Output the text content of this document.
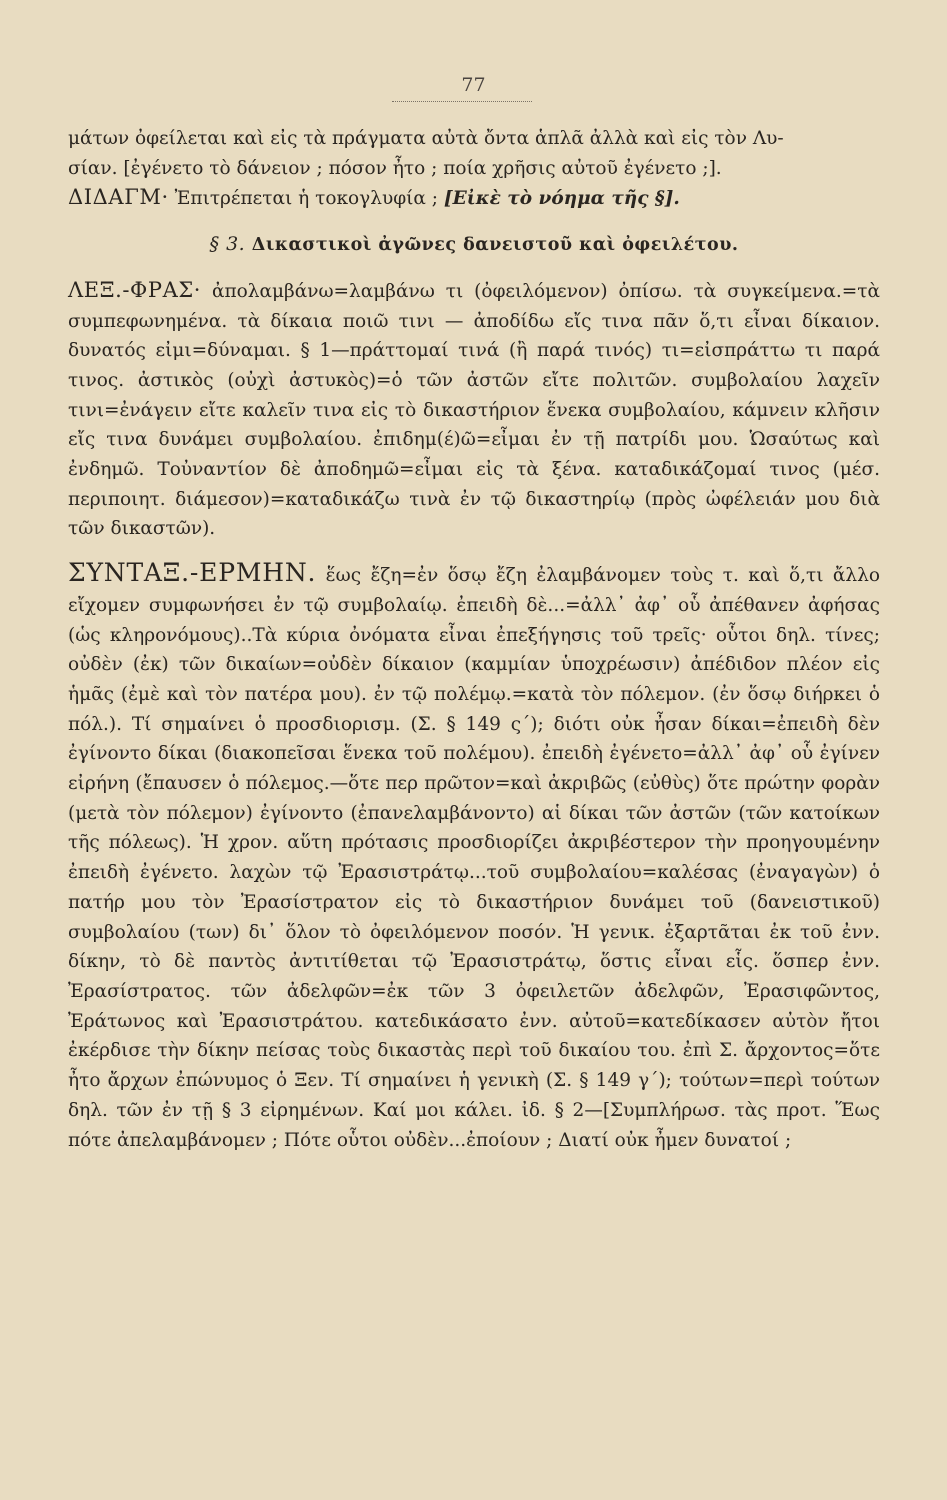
77

μάτων ὀφείλεται καὶ εἰς τὰ πράγματα αὐτὰ ὄντα ἁπλᾶ ἀλλὰ καὶ εἰς τὸν Λυ-
σίαν. [ἐγένετο τὸ δάνειον ; πόσον ἦτο ; ποία χρῆσις αὐτοῦ ἐγένετο ;].
ΔΙΔΑΓΜ· Ἐπιτρέπεται ἡ τοκογλυφία ; [Εἰκὲ τὸ νόημα τῆς §].

§ 3. Δικαστικοὶ ἀγῶνες δανειστοῦ καὶ ὀφειλέτου.

ΛΕΞ.-ΦΡΑΣ· ἀπολαμβάνω=λαμβάνω τι (ὀφειλόμενον) ὀπίσω. τὰ συγκείμενα.=τὰ συμπεφωνημένα. τὰ δίκαια ποιῶ τινι — ἀποδίδω εἴς τινα πᾶν ὅ,τι εἶναι δίκαιον. δυνατός εἰμι=δύναμαι. § 1—πράττομαί τινά (ἢ παρά τινός) τι=εἰσπράττω τι παρά τινος. ἀστικὸς (οὐχὶ ἀστυκὸς)=ὁ τῶν ἀστῶν εἴτε πολιτῶν. συμβολαίου λαχεῖν τινι=ἐνάγειν εἴτε καλεῖν τινα εἰς τὸ δικαστήριον ἕνεκα συμβολαίου, κάμνειν κλῆσιν εἴς τινα δυνάμει συμβολαίου. ἐπιδημ(έ)ῶ=εἶμαι ἐν τῇ πατρίδι μου. Ὡσαύτως καὶ ἐνδημῶ. Τοὐναντίον δὲ ἀποδημῶ=εἶμαι εἰς τὰ ξένα. καταδικάζομαί τινος (μέσ. περιποιητ. διάμεσον)=καταδικάζω τινὰ ἐν τῷ δικαστηρίῳ (πρὸς ὠφέλειάν μου διὰ τῶν δικαστῶν).

ΣΥΝΤΑΞ.-ΕΡΜΗΝ. ἕως ἔζη=ἐν ὅσῳ ἔζη ἐλαμβάνομεν τοὺς τ. καὶ ὅ,τι ἄλλο εἴχομεν συμφωνήσει ἐν τῷ συμβολαίῳ. ἐπειδὴ δὲ...=ἀλλ᾽ ἀφ᾽ οὗ ἀπέθανεν ἀφήσας (ὡς κληρονόμους)..Τὰ κύρια ὀνόματα εἶναι ἐπεξήγησις τοῦ τρεῖς· οὗτοι δηλ. τίνες; οὐδὲν (ἐκ) τῶν δικαίων=οὐδὲν δίκαιον (καμμίαν ὑποχρέωσιν) ἀπέδιδον πλέον εἰς ἡμᾶς (ἐμὲ καὶ τὸν πατέρα μου). ἐν τῷ πολέμῳ.=κατὰ τὸν πόλεμον. (ἐν ὅσῳ διήρκει ὁ πόλ.). Τί σημαίνει ὁ προσδιορισμ. (Σ. § 149 ς΄); διότι οὐκ ἦσαν δίκαι=ἐπειδὴ δὲν ἐγίνοντο δίκαι (διακοπεῖσαι ἕνεκα τοῦ πολέμου). ἐπειδὴ ἐγένετο=ἀλλ᾽ ἀφ᾽ οὗ ἐγίνεν εἰρήνη (ἔπαυσεν ὁ πόλεμος.—ὅτε περ πρῶτον=καὶ ἀκριβῶς (εὐθὺς) ὅτε πρώτην φορὰν (μετὰ τὸν πόλεμον) ἐγίνοντο (ἐπανελαμβάνοντο) αἱ δίκαι τῶν ἀστῶν (τῶν κατοίκων τῆς πόλεως). Ἡ χρον. αὕτη πρότασις προσδιορίζει ἀκριβέστερον τὴν προηγουμένην ἐπειδὴ ἐγένετο. λαχὼν τῷ Ἐρασιστράτῳ...τοῦ συμβολαίου=καλέσας (ἐναγαγὼν) ὁ πατήρ μου τὸν Ἐρασίστρατον εἰς τὸ δικαστήριον δυνάμει τοῦ (δανειστικοῦ) συμβολαίου (των) δι᾽ ὅλον τὸ ὀφειλόμενον ποσόν. Ἡ γενικ. ἐξαρτᾶται ἐκ τοῦ ἐνν. δίκην, τὸ δὲ παντὸς ἀντιτίθεται τῷ Ἐρασιστράτῳ, ὅστις εἶναι εἷς. ὅσπερ ἐνν. Ἐρασίστρατος. τῶν ἀδελφῶν=ἐκ τῶν 3 ὀφειλετῶν ἀδελφῶν, Ἐρασιφῶντος, Ἐράτωνος καὶ Ἐρασιστράτου. κατεδικάσατο ἐνν. αὐτοῦ=κατεδίκασεν αὐτὸν ἤτοι ἐκέρδισε τὴν δίκην πείσας τοὺς δικαστὰς περὶ τοῦ δικαίου του. ἐπὶ Σ. ἄρχοντος=ὅτε ἦτο ἄρχων ἐπώνυμος ὁ Ξεν. Τί σημαίνει ἡ γενικὴ (Σ. § 149 γ΄); τούτων=περὶ τούτων δηλ. τῶν ἐν τῇ § 3 εἰρημένων. Καί μοι κάλει. ἰδ. § 2—[Συμπλήρωσ. τὰς προτ. Ἕως πότε ἀπελαμβάνομεν ; Πότε οὗτοι οὐδὲν...ἐποίουν ; Διατί οὐκ ἦμεν δυνατοί ;
